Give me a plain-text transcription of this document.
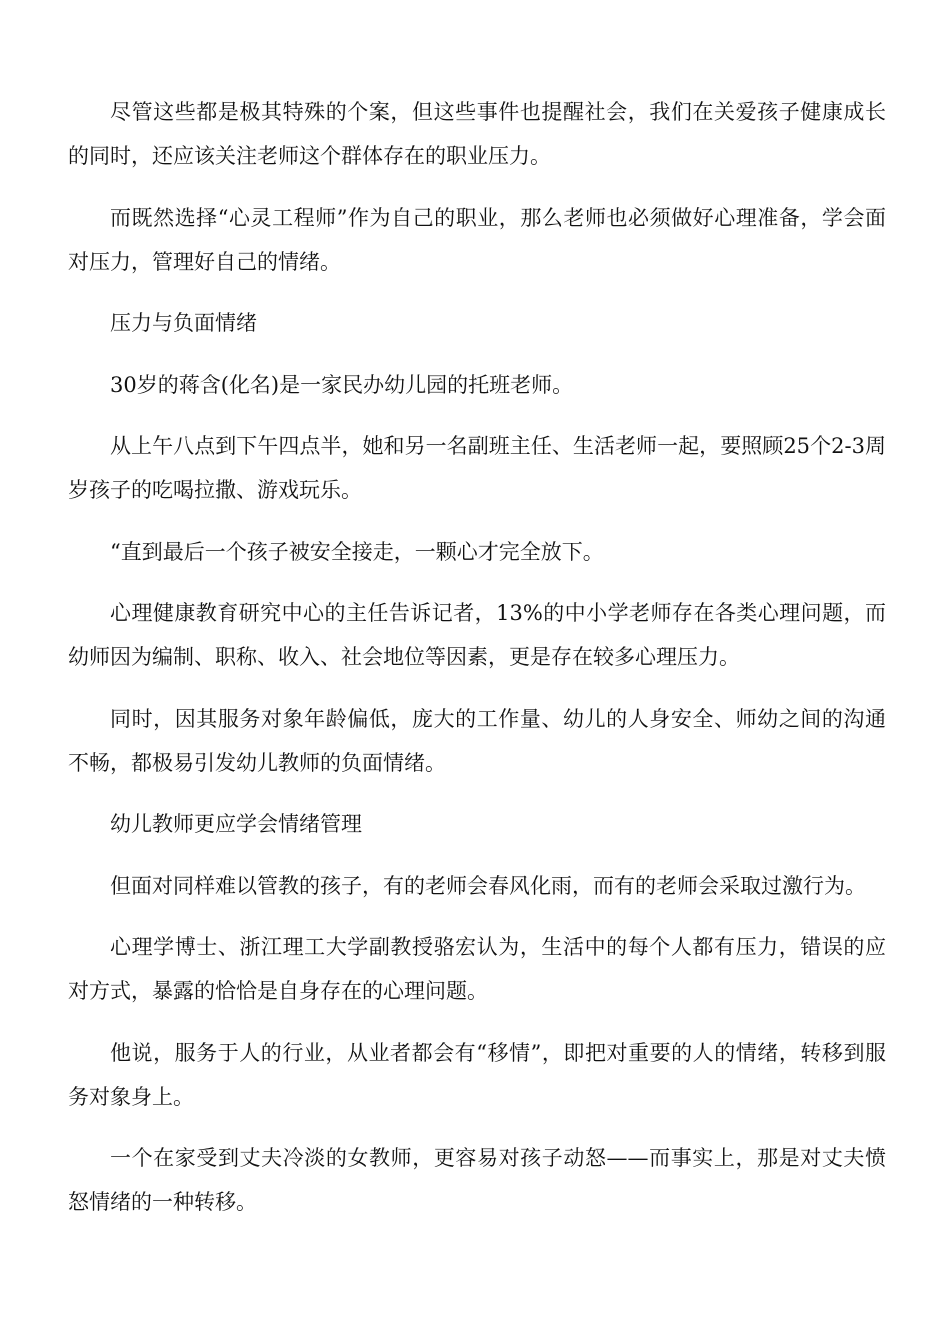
尽管这些都是极其特殊的个案，但这些事件也提醒社会，我们在关爱孩子健康成长的同时，还应该关注老师这个群体存在的职业压力。

而既然选择“心灵工程师”作为自己的职业，那么老师也必须做好心理准备，学会面对压力，管理好自己的情绪。

压力与负面情绪

30岁的蒋含(化名)是一家民办幼儿园的托班老师。

从上午八点到下午四点半，她和另一名副班主任、生活老师一起，要照顾25个2-3周岁孩子的吃喝拉撒、游戏玩乐。

“直到最后一个孩子被安全接走，一颗心才完全放下。

心理健康教育研究中心的主任告诉记者，13%的中小学老师存在各类心理问题，而幼师因为编制、职称、收入、社会地位等因素，更是存在较多心理压力。

同时，因其服务对象年龄偏低，庞大的工作量、幼儿的人身安全、师幼之间的沟通不畅，都极易引发幼儿教师的负面情绪。

幼儿教师更应学会情绪管理

但面对同样难以管教的孩子，有的老师会春风化雨，而有的老师会采取过激行为。

心理学博士、浙江理工大学副教授骆宏认为，生活中的每个人都有压力，错误的应对方式，暴露的恰恰是自身存在的心理问题。

他说，服务于人的行业，从业者都会有“移情”，即把对重要的人的情绪，转移到服务对象身上。

一个在家受到丈夫冷淡的女教师，更容易对孩子动怒——而事实上，那是对丈夫愤怒情绪的一种转移。
